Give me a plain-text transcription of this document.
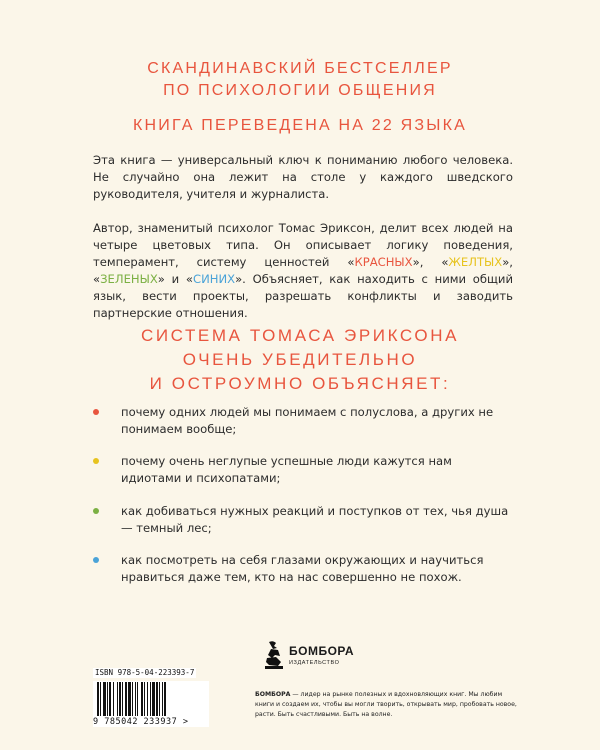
СКАНДИНАВСКИЙ БЕСТСЕЛЛЕР
ПО ПСИХОЛОГИИ ОБЩЕНИЯ
КНИГА ПЕРЕВЕДЕНА НА 22 ЯЗЫКА
Эта книга — универсальный ключ к пониманию любого человека. Не случайно она лежит на столе у каждого шведского руководителя, учителя и журналиста.
Автор, знаменитый психолог Томас Эриксон, делит всех людей на четыре цветовых типа. Он описывает логику поведения, темперамент, систему ценностей «КРАСНЫХ», «ЖЕЛТЫХ», «ЗЕЛЕНЫХ» и «СИНИХ». Объясняет, как находить с ними общий язык, вести проекты, разрешать конфликты и заводить партнерские отношения.
СИСТЕМА ТОМАСА ЭРИКСОНА
ОЧЕНЬ УБЕДИТЕЛЬНО
И ОСТРОУМНО ОБЪЯСНЯЕТ:
почему одних людей мы понимаем с полуслова, а других не понимаем вообще;
почему очень неглупые успешные люди кажутся нам идиотами и психопатами;
как добиваться нужных реакций и поступков от тех, чья душа — темный лес;
как посмотреть на себя глазами окружающих и научиться нравиться даже тем, кто на нас совершенно не похож.
ISBN 978-5-04-223393-7
9 785042 233937 >
БОМБОРА
ИЗДАТЕЛЬСТВО
БОМБОРА — лидер на рынке полезных и вдохновляющих книг. Мы любим книги и создаем их, чтобы вы могли творить, открывать мир, пробовать новое, расти. Быть счастливыми. Быть на волне.
